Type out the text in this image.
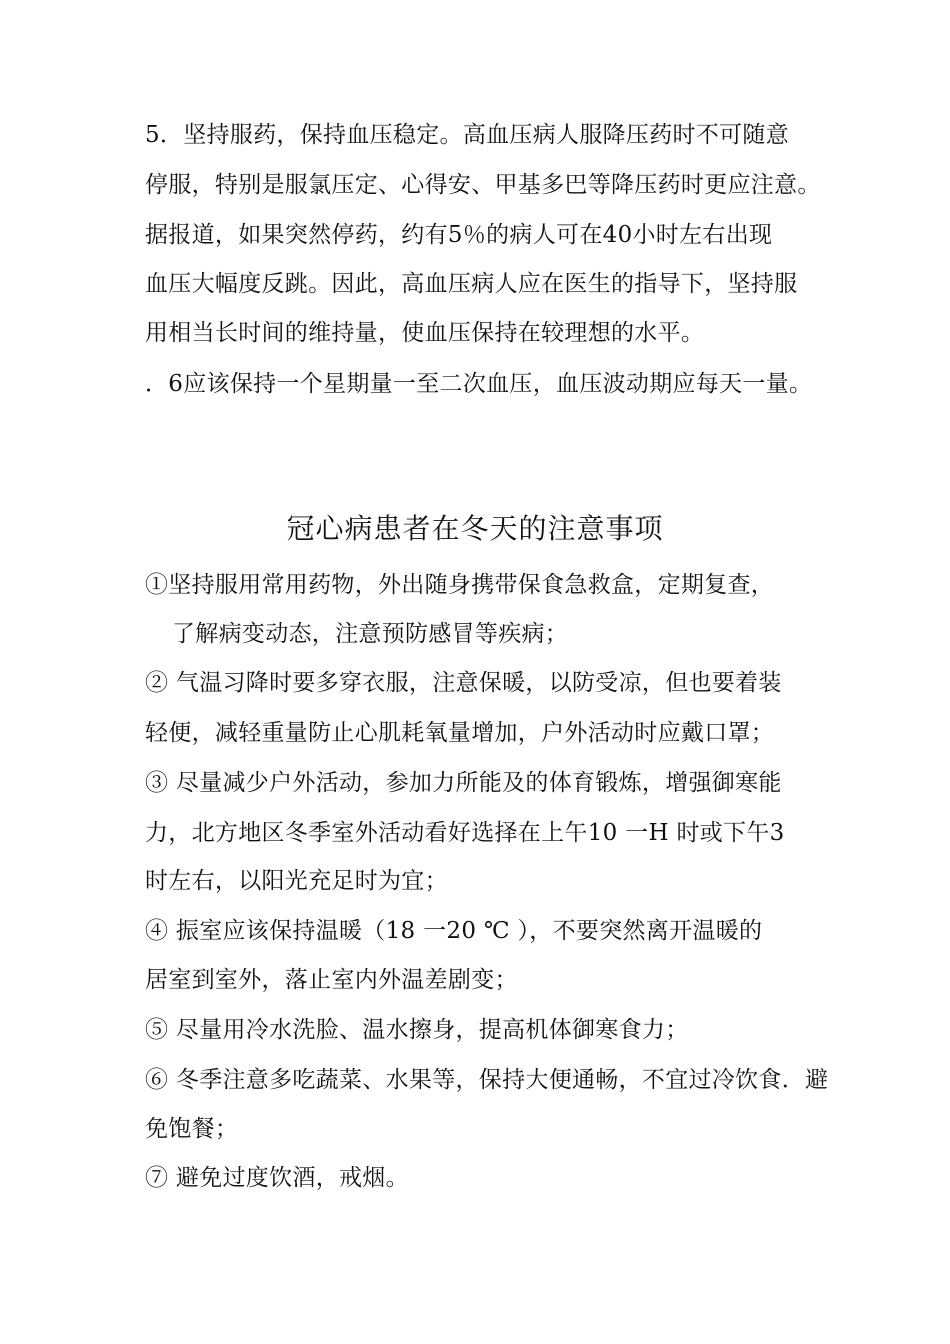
5．坚持服药，保持血压稳定。高血压病人服降压药时不可随意
停服，特别是服氯压定、心得安、甲基多巴等降压药时更应注意。
据报道，如果突然停药，约有5％的病人可在40小时左右出现
血压大幅度反跳。因此，高血压病人应在医生的指导下，坚持服
用相当长时间的维持量，使血压保持在较理想的水平。
．6应该保持一个星期量一至二次血压，血压波动期应每天一量。
冠心病患者在冬天的注意事项
①坚持服用常用药物，外出随身携带保食急救盒，定期复查，
了解病变动态，注意预防感冒等疾病；
② 气温习降时要多穿衣服，注意保暖，以防受凉，但也要着装
轻便，减轻重量防止心肌耗氧量增加，户外活动时应戴口罩；
③ 尽量减少户外活动，参加力所能及的体育锻炼，增强御寒能
力，北方地区冬季室外活动看好选择在上午10 一H 时或下午3
时左右，以阳光充足时为宜；
④ 振室应该保持温暖（18 一20 ℃ ），不要突然离开温暖的
居室到室外，落止室内外温差剧变；
⑤ 尽量用冷水洗脸、温水擦身，提高机体御寒食力；
⑥ 冬季注意多吃蔬菜、水果等，保持大便通畅，不宜过冷饮食．避
免饱餐；
⑦ 避免过度饮酒，戒烟。
